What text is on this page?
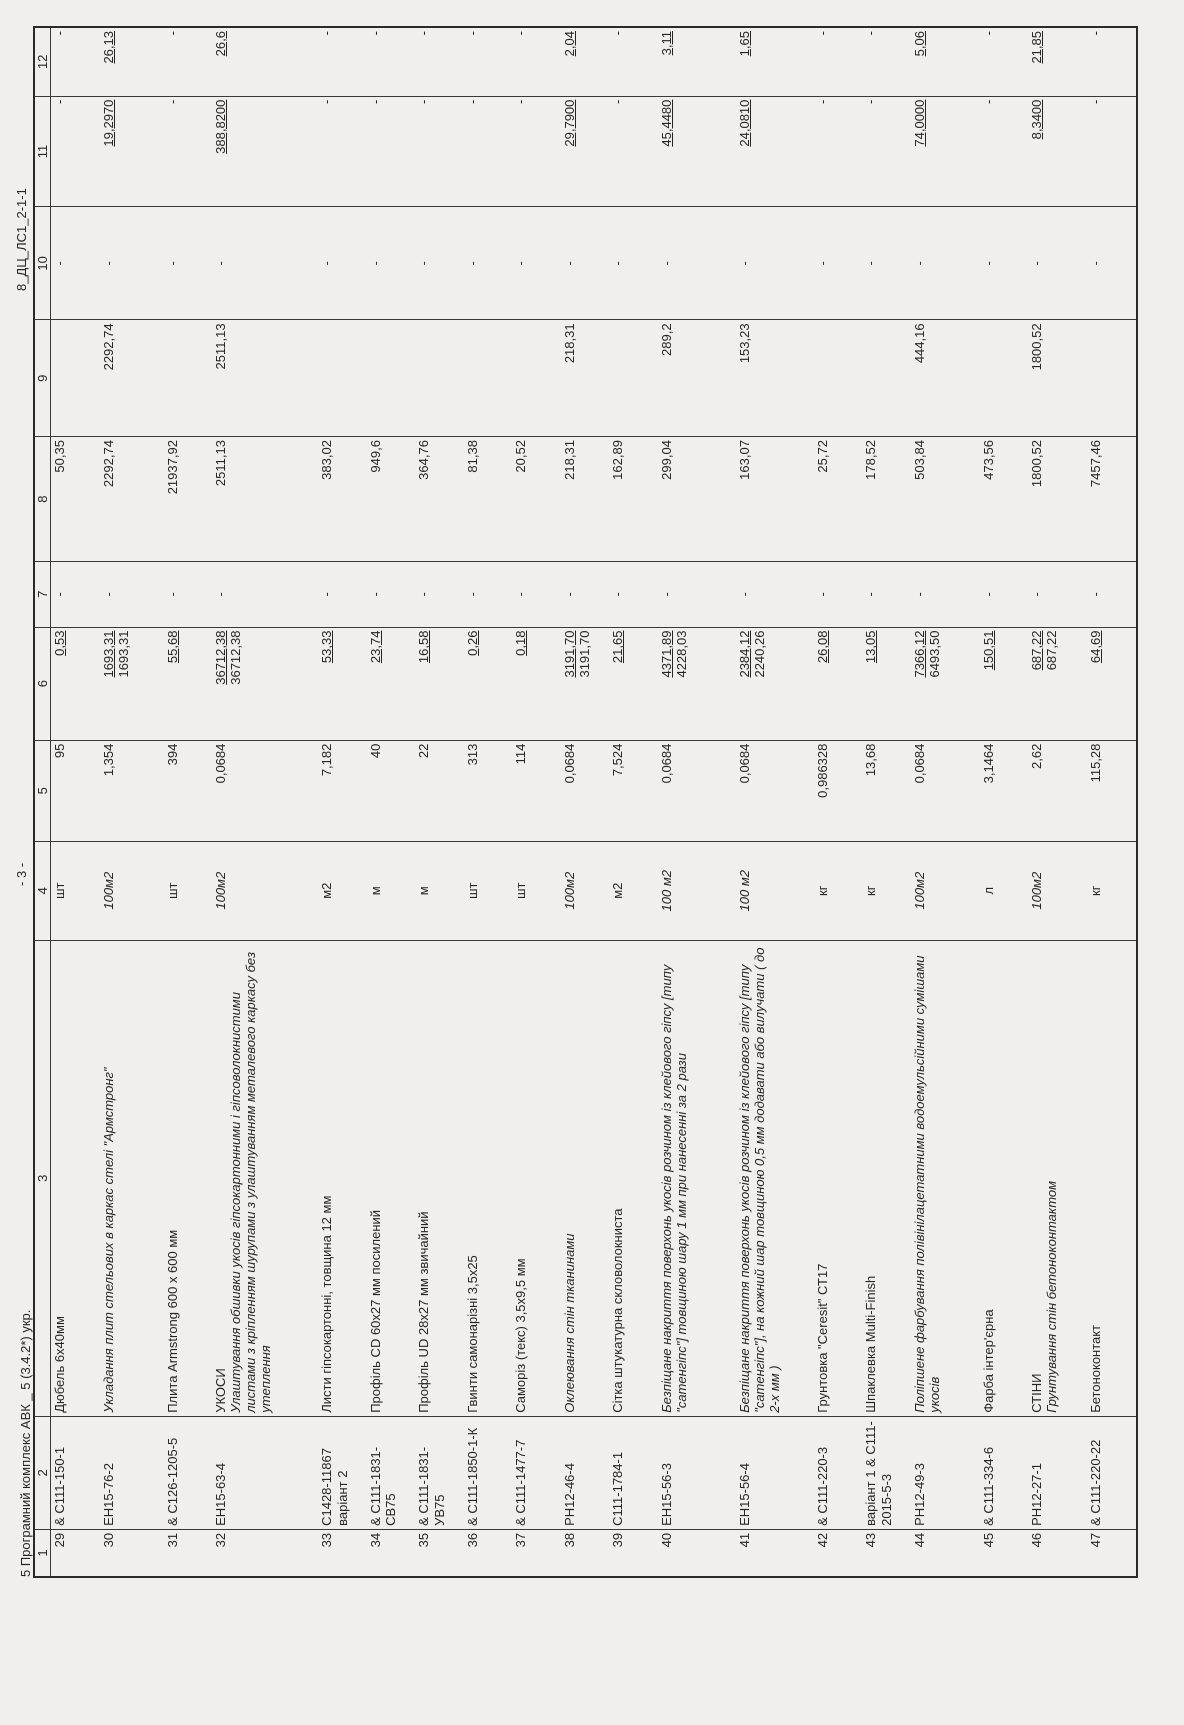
5 Програмний комплекс АВК _ 5 (3.4.2*) укр.
- 3 -
8_ДЦ_ЛС1_2-1-1
1	2	3	4	5	6	7	8	9	10	11	12
29	& С111-150-1	Дюбель 6х40мм	шт	95	0,53	-	50,35		-	-	-
30	ЕН15-76-2	Укладання плит стельових в каркас стелі "Армстронг"	100м2	1,354	1693,31 1693,31	-	2292,74	2292,74	-	19,2970	26,13
31	& С126-1205-5	Плита Armstrong 600 х 600 мм	шт	394	55,68	-	21937,92		-	-	-
32	ЕН15-63-4	УКОСИ Улаштування обшивки укосів гіпсокартонними і гіпсоволокнистими листами з кріпленням шурупами з улаштуванням металевого каркасу без утеплення	100м2	0,0684	36712,38 36712,38	-	2511,13	2511,13	-	388,8200	26,6
33	С1428-11867 варіант 2	Листи гіпсокартонні, товщина 12 мм	м2	7,182	53,33	-	383,02		-	-	-
34	& С111-1831-СВ75	Профіль CD 60х27 мм посилений	м	40	23,74	-	949,6		-	-	-
35	& С111-1831-УВ75	Профіль UD 28х27 мм звичайний	м	22	16,58	-	364,76		-	-	-
36	& С111-1850-1-К	Гвинти самонарізні 3,5х25	шт	313	0,26	-	81,38		-	-	-
37	& С111-1477-7	Саморіз (текс) 3,5х9,5 мм	шт	114	0,18	-	20,52		-	-	-
38	РН12-46-4	Оклеювання стін тканинами	100м2	0,0684	3191,70 3191,70	-	218,31	218,31	-	29,7900	2,04
39	С111-1784-1	Сітка штукатурна скловолокниста	м2	7,524	21,65	-	162,89		-	-	-
40	ЕН15-56-3	Безпіщане накриття поверхонь укосів розчином із клейового гіпсу [типу "сатенгіпс"] товщиною шару 1 мм при нанесенні за 2 рази	100 м2	0,0684	4371,89 4228,03	-	299,04	289,2	-	45,4480	3,11
41	ЕН15-56-4	Безпіщане накриття поверхонь укосів розчином із клейового гіпсу [типу "сатенгіпс"], на кожний шар товщиною 0,5 мм додавати або вилучати ( до 2-х мм )	100 м2	0,0684	2384,12 2240,26	-	163,07	153,23	-	24,0810	1,65
42	& С111-220-3	Грунтовка "Ceresit" СТ17	кг	0,986328	26,08	-	25,72		-	-	-
43	варіант 1 & С111-2015-5-3	Шпаклевка Multi-Finish	кг	13,68	13,05	-	178,52		-	-	-
44	РН12-49-3	Поліпшене фарбування полівінілацетатними водоемульсійними сумішами укосів	100м2	0,0684	7366,12 6493,50	-	503,84	444,16	-	74,0000	5,06
45	& С111-334-6	Фарба інтер'єрна	л	3,1464	150,51	-	473,56		-	-	-
46	РН12-27-1	СТІНИ Грунтування стін бетоноконтактом	100м2	2,62	687,22 687,22	-	1800,52	1800,52	-	8,3400	21,85
47	& С111-220-22	Бетоноконтакт	кг	115,28	64,69	-	7457,46		-	-	-
